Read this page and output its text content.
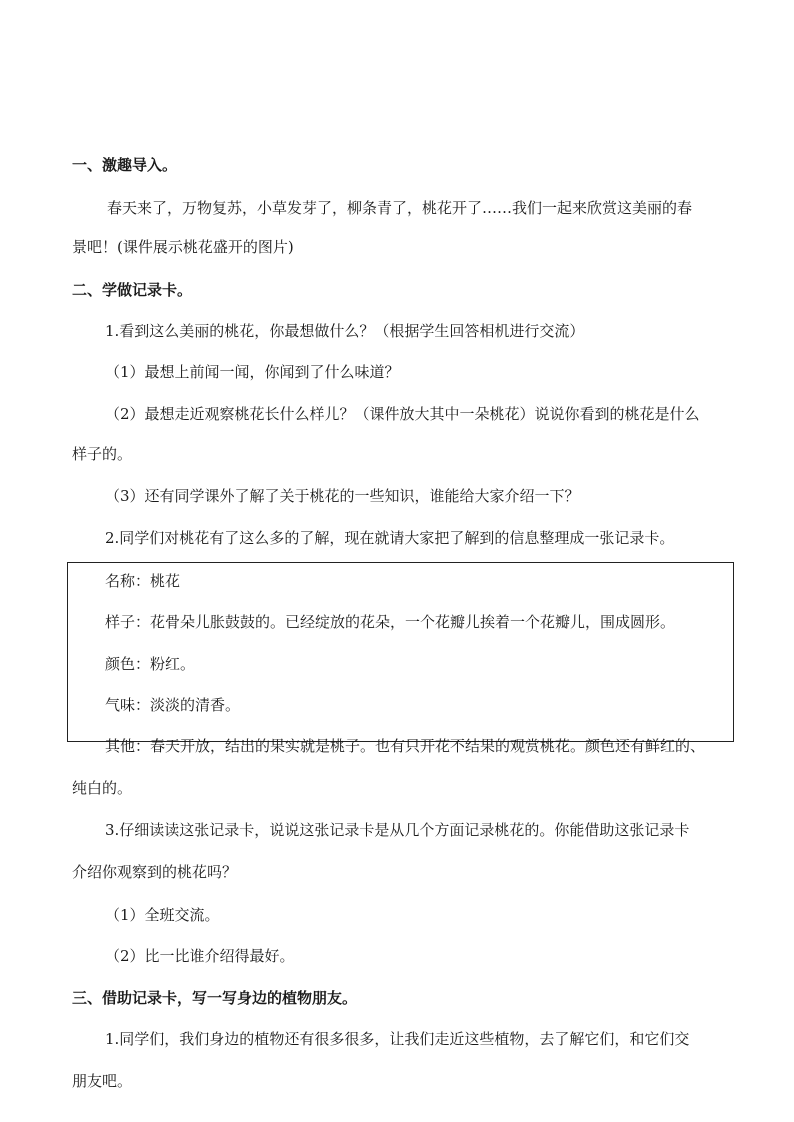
一、激趣导入。
春天来了，万物复苏，小草发芽了，柳条青了，桃花开了……我们一起来欣赏这美丽的春
景吧！(课件展示桃花盛开的图片)
二、学做记录卡。
1.看到这么美丽的桃花，你最想做什么？（根据学生回答相机进行交流）
（1）最想上前闻一闻，你闻到了什么味道？
（2）最想走近观察桃花长什么样儿？（课件放大其中一朵桃花）说说你看到的桃花是什么
样子的。
（3）还有同学课外了解了关于桃花的一些知识，谁能给大家介绍一下？
2.同学们对桃花有了这么多的了解，现在就请大家把了解到的信息整理成一张记录卡。
名称：桃花
样子：花骨朵儿胀鼓鼓的。已经绽放的花朵，一个花瓣儿挨着一个花瓣儿，围成圆形。
颜色：粉红。
气味：淡淡的清香。
其他：春天开放，结出的果实就是桃子。也有只开花不结果的观赏桃花。颜色还有鲜红的、
纯白的。
3.仔细读读这张记录卡，说说这张记录卡是从几个方面记录桃花的。你能借助这张记录卡
介绍你观察到的桃花吗？
（1）全班交流。
（2）比一比谁介绍得最好。
三、借助记录卡，写一写身边的植物朋友。
1.同学们，我们身边的植物还有很多很多，让我们走近这些植物，去了解它们，和它们交
朋友吧。
